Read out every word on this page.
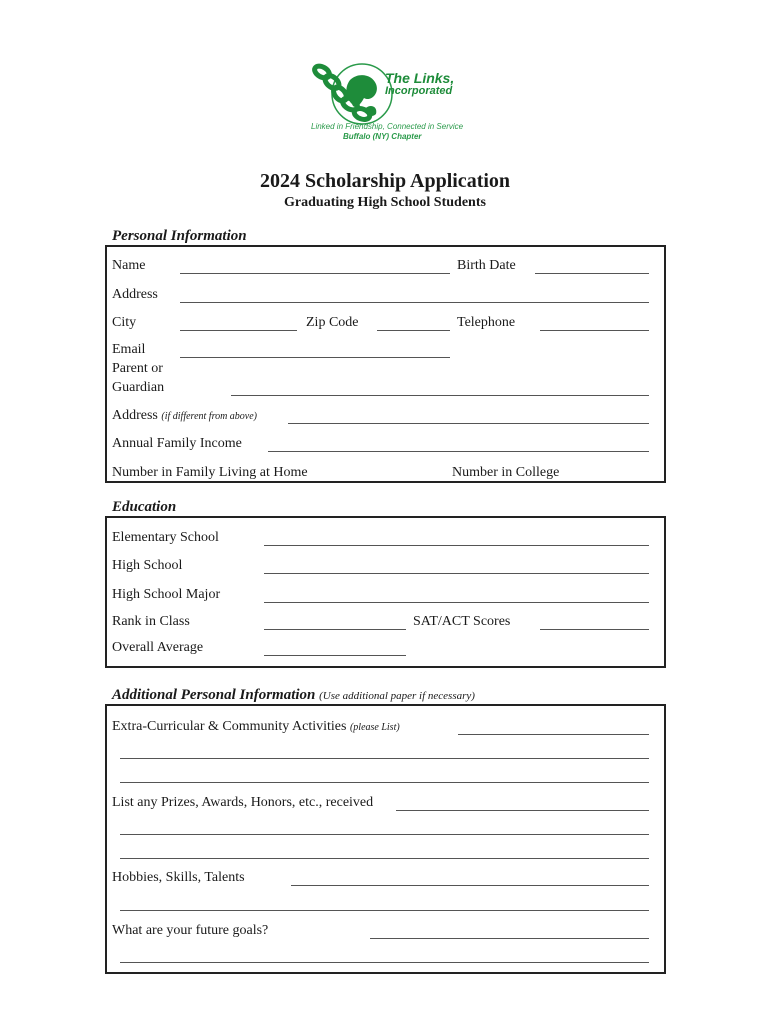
The Links,
Incorporated
Linked in Friendship, Connected in Service
Buffalo (NY) Chapter
2024 Scholarship Application
Graduating High School Students
Personal Information
Name	Birth Date
Address
City	Zip Code	Telephone
Email
Parent or
Guardian
Address (if different from above)
Annual Family Income
Number in Family Living at Home	Number in College
Education
Elementary School
High School
High School Major
Rank in Class	SAT/ACT Scores
Overall Average
Additional Personal Information (Use additional paper if necessary)
Extra-Curricular & Community Activities (please List)
List any Prizes, Awards, Honors, etc., received
Hobbies, Skills, Talents
What are your future goals?
